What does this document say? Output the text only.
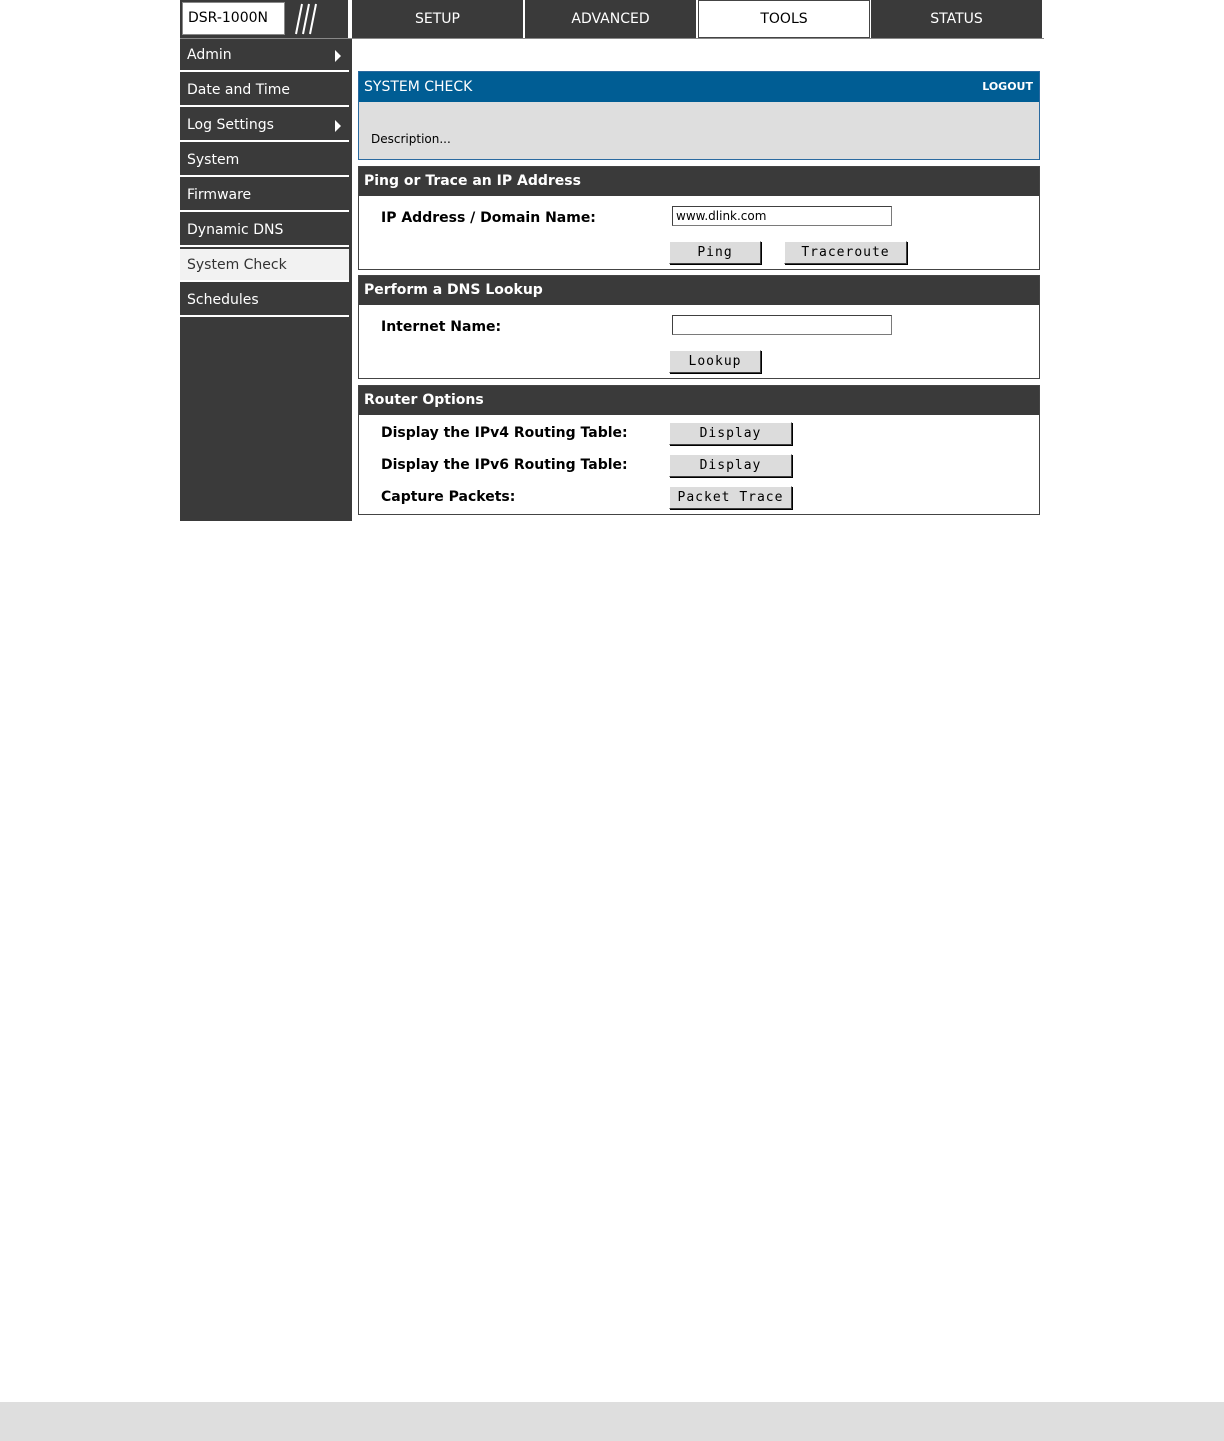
DSR-1000N	SETUP	ADVANCED	TOOLS	STATUS
Admin
Date and Time
Log Settings
System
Firmware
Dynamic DNS
System Check
Schedules
SYSTEM CHECK	LOGOUT
Description...
Ping or Trace an IP Address
IP Address / Domain Name:
www.dlink.com
Ping	Traceroute
Perform a DNS Lookup
Internet Name:
Lookup
Router Options
Display the IPv4 Routing Table:	Display
Display the IPv6 Routing Table:	Display
Capture Packets:	Packet Trace
